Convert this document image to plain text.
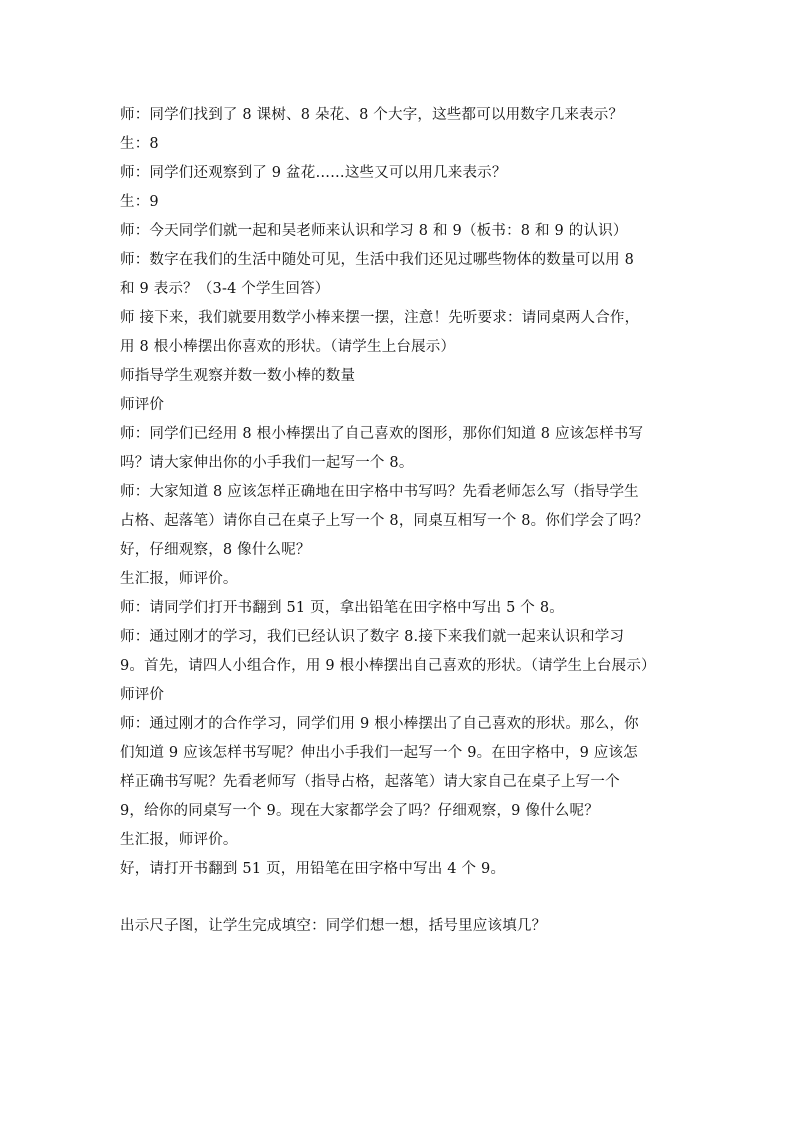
师：同学们找到了 8 课树、8 朵花、8 个大字，这些都可以用数字几来表示？
生：8
师：同学们还观察到了 9 盆花……这些又可以用几来表示？
生：9
师：今天同学们就一起和吴老师来认识和学习 8 和 9（板书：8 和 9 的认识）
师：数字在我们的生活中随处可见，生活中我们还见过哪些物体的数量可以用 8
和 9 表示？（3-4 个学生回答）
师 接下来，我们就要用数学小棒来摆一摆，注意！先听要求：请同桌两人合作，
用 8 根小棒摆出你喜欢的形状。（请学生上台展示）
师指导学生观察并数一数小棒的数量
师评价
师：同学们已经用 8 根小棒摆出了自己喜欢的图形，那你们知道 8 应该怎样书写
吗？请大家伸出你的小手我们一起写一个 8。
师：大家知道 8 应该怎样正确地在田字格中书写吗？先看老师怎么写（指导学生
占格、起落笔）请你自己在桌子上写一个 8，同桌互相写一个 8。你们学会了吗？
好，仔细观察，8 像什么呢？
生汇报，师评价。
师：请同学们打开书翻到 51 页，拿出铅笔在田字格中写出 5 个 8。
师：通过刚才的学习，我们已经认识了数字 8.接下来我们就一起来认识和学习
9。首先，请四人小组合作，用 9 根小棒摆出自己喜欢的形状。（请学生上台展示）
师评价
师：通过刚才的合作学习，同学们用 9 根小棒摆出了自己喜欢的形状。那么，你
们知道 9 应该怎样书写呢？伸出小手我们一起写一个 9。在田字格中，9 应该怎
样正确书写呢？先看老师写（指导占格，起落笔）请大家自己在桌子上写一个
9，给你的同桌写一个 9。现在大家都学会了吗？仔细观察，9 像什么呢？
生汇报，师评价。
好，请打开书翻到 51 页，用铅笔在田字格中写出 4 个 9。
出示尺子图，让学生完成填空：同学们想一想，括号里应该填几？
